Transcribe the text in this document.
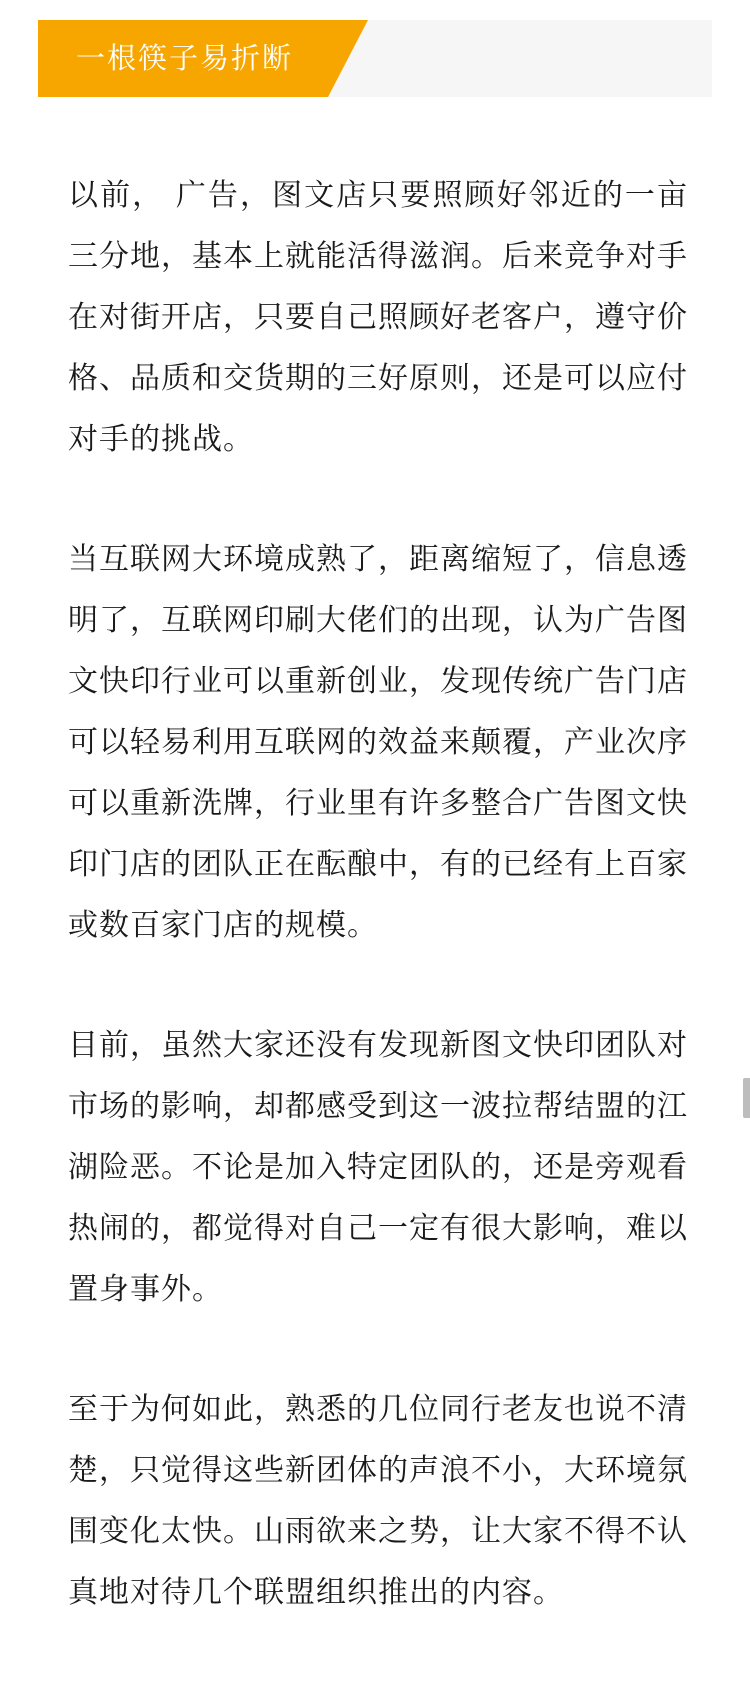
一根筷子易折断

以前， 广告，图文店只要照顾好邻近的一亩三分地，基本上就能活得滋润。后来竞争对手在对街开店，只要自己照顾好老客户，遵守价格、品质和交货期的三好原则，还是可以应付对手的挑战。

当互联网大环境成熟了，距离缩短了，信息透明了，互联网印刷大佬们的出现，认为广告图文快印行业可以重新创业，发现传统广告门店可以轻易利用互联网的效益来颠覆，产业次序可以重新洗牌，行业里有许多整合广告图文快印门店的团队正在酝酿中，有的已经有上百家或数百家门店的规模。

目前，虽然大家还没有发现新图文快印团队对市场的影响，却都感受到这一波拉帮结盟的江湖险恶。不论是加入特定团队的，还是旁观看热闹的，都觉得对自己一定有很大影响，难以置身事外。

至于为何如此，熟悉的几位同行老友也说不清楚，只觉得这些新团体的声浪不小，大环境氛围变化太快。山雨欲来之势，让大家不得不认真地对待几个联盟组织推出的内容。
